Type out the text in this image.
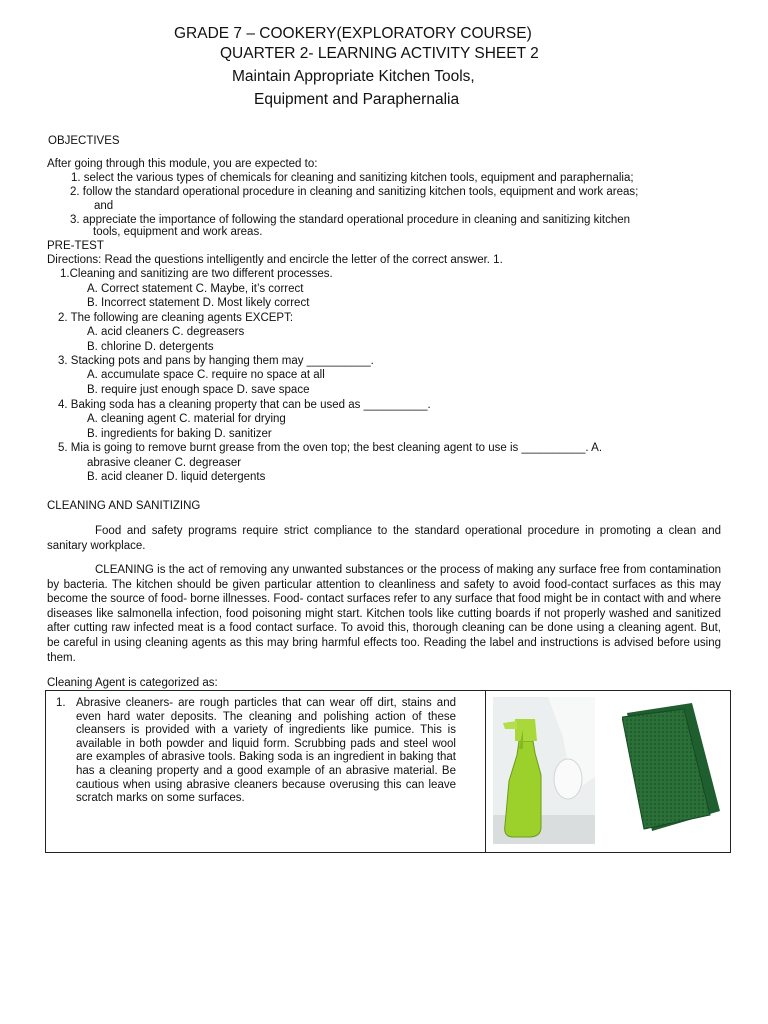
GRADE 7 – COOKERY(EXPLORATORY COURSE)
QUARTER 2- LEARNING ACTIVITY SHEET 2
Maintain Appropriate Kitchen Tools,
Equipment and Paraphernalia
OBJECTIVES
After going through this module, you are expected to:
1. select the various types of chemicals for cleaning and sanitizing kitchen tools, equipment and paraphernalia;
2. follow the standard operational procedure in cleaning and sanitizing kitchen tools, equipment and work areas;
and
3. appreciate the importance of following the standard operational procedure in cleaning and sanitizing kitchen
tools, equipment and work areas.
PRE-TEST
Directions: Read the questions intelligently and encircle the letter of the correct answer. 1.
1.Cleaning and sanitizing are two different processes.
A. Correct statement C. Maybe, it’s correct
B. Incorrect statement D. Most likely correct
2. The following are cleaning agents EXCEPT:
A. acid cleaners C. degreasers
B. chlorine D. detergents
3. Stacking pots and pans by hanging them may __________.
A. accumulate space C. require no space at all
B. require just enough space D. save space
4. Baking soda has a cleaning property that can be used as __________.
A. cleaning agent C. material for drying
B. ingredients for baking D. sanitizer
5. Mia is going to remove burnt grease from the oven top; the best cleaning agent to use is __________. A.
abrasive cleaner C. degreaser
B. acid cleaner D. liquid detergents
CLEANING AND SANITIZING
Food and safety programs require strict compliance to the standard operational procedure in promoting a clean and sanitary workplace.
CLEANING is the act of removing any unwanted substances or the process of making any surface free from contamination by bacteria. The kitchen should be given particular attention to cleanliness and safety to avoid food-contact surfaces as this may become the source of food- borne illnesses. Food- contact surfaces refer to any surface that food might be in contact with and where diseases like salmonella infection, food poisoning might start. Kitchen tools like cutting boards if not properly washed and sanitized after cutting raw infected meat is a food contact surface. To avoid this, thorough cleaning can be done using a cleaning agent. But, be careful in using cleaning agents as this may bring harmful effects too. Reading the label and instructions is advised before using them.
Cleaning Agent is categorized as:
1. Abrasive cleaners- are rough particles that can wear off dirt, stains and even hard water deposits. The cleaning and polishing action of these cleansers is provided with a variety of ingredients like pumice. This is available in both powder and liquid form. Scrubbing pads and steel wool are examples of abrasive tools. Baking soda is an ingredient in baking that has a cleaning property and a good example of an abrasive material. Be cautious when using abrasive cleaners because overusing this can leave scratch marks on some surfaces.
